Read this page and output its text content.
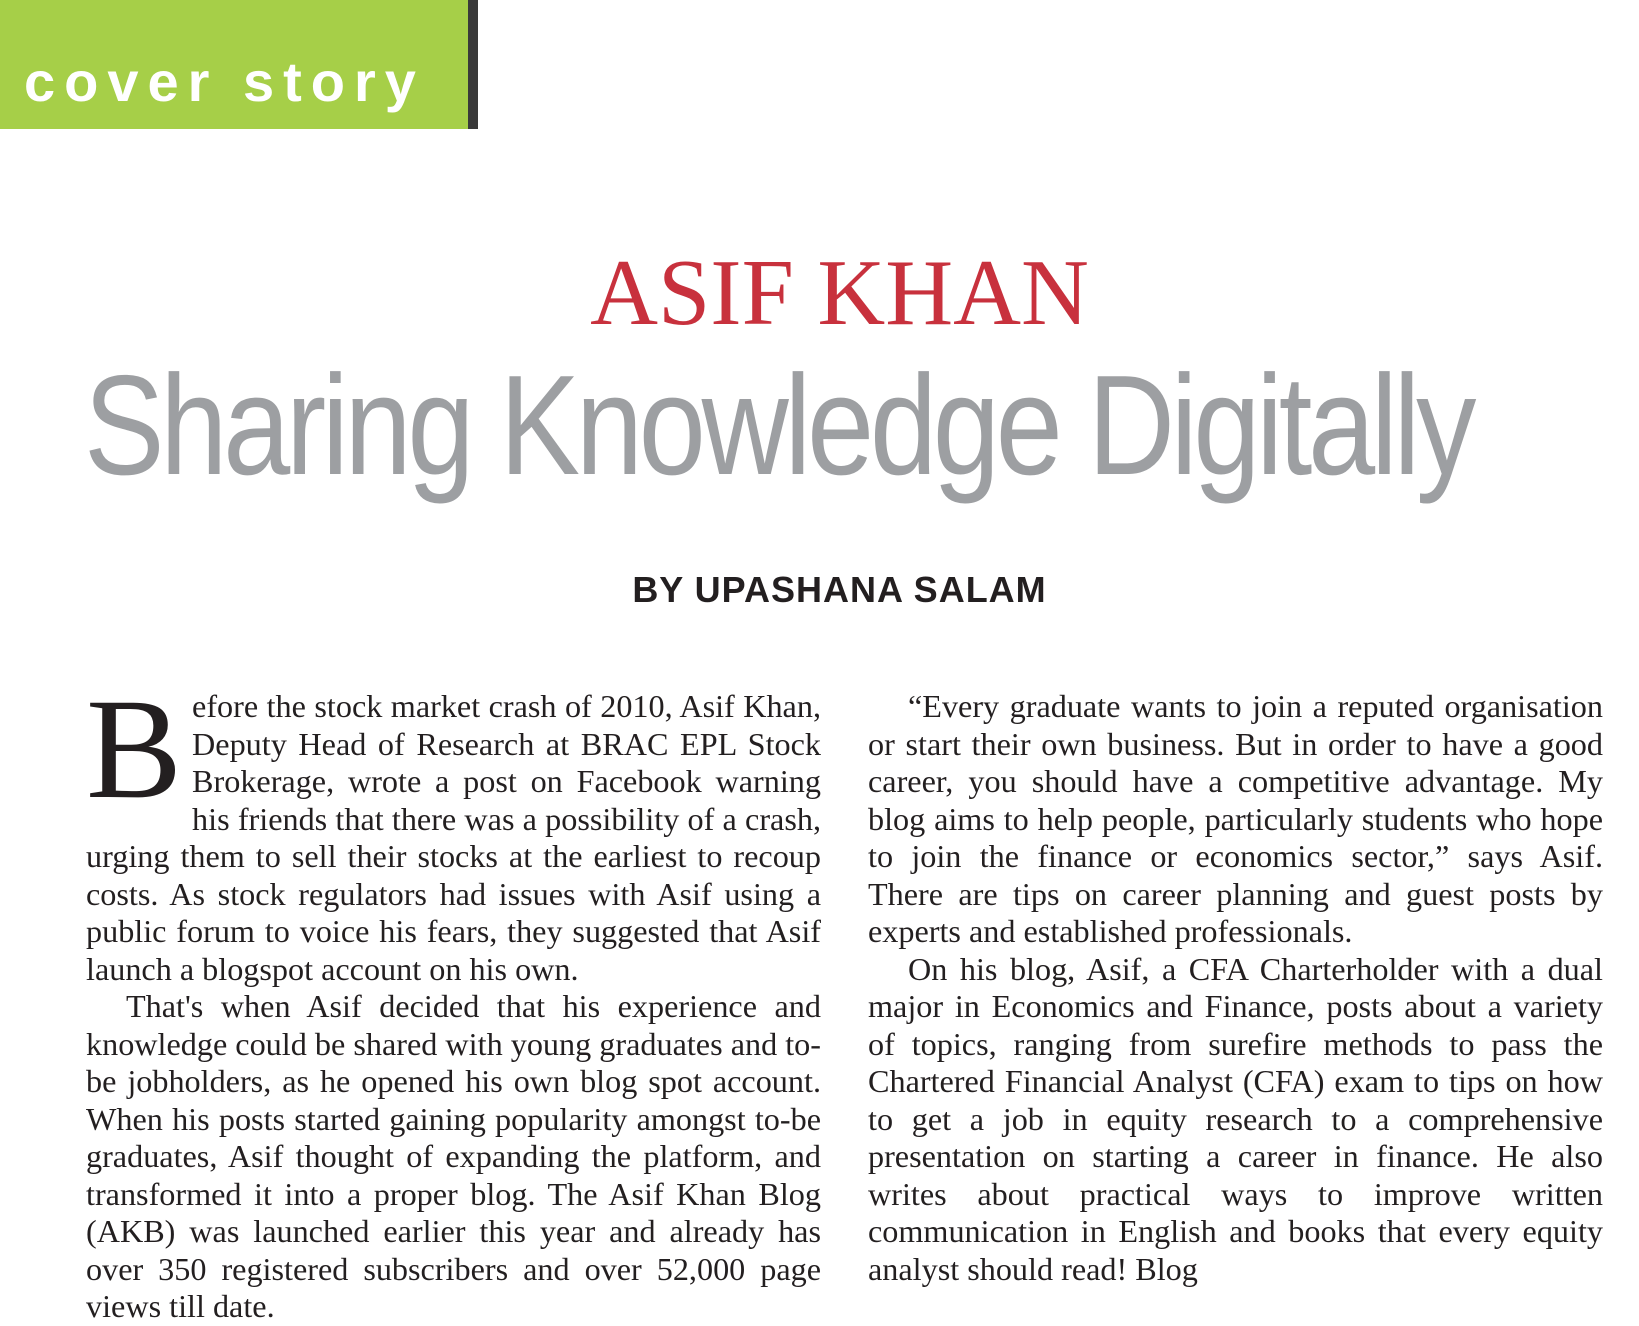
cover story
ASIF KHAN
Sharing Knowledge Digitally
BY UPASHANA SALAM

Before the stock market crash of 2010, Asif Khan, Deputy Head of Research at BRAC EPL Stock Brokerage, wrote a post on Facebook warning his friends that there was a possibility of a crash, urging them to sell their stocks at the earliest to recoup costs. As stock regulators had issues with Asif using a public forum to voice his fears, they suggested that Asif launch a blogspot account on his own.

That's when Asif decided that his experience and knowledge could be shared with young graduates and to-be jobholders, as he opened his own blog spot account. When his posts started gaining popularity amongst to-be graduates, Asif thought of expanding the platform, and transformed it into a proper blog. The Asif Khan Blog (AKB) was launched earlier this year and already has over 350 registered subscribers and over 52,000 page views till date.

“Every graduate wants to join a reputed organisation or start their own business. But in order to have a good career, you should have a competitive advantage. My blog aims to help people, particularly students who hope to join the finance or economics sector,” says Asif. There are tips on career planning and guest posts by experts and established professionals.

On his blog, Asif, a CFA Charterholder with a dual major in Economics and Finance, posts about a variety of topics, ranging from surefire methods to pass the Chartered Financial Analyst (CFA) exam to tips on how to get a job in equity research to a comprehensive presentation on starting a career in finance. He also writes about practical ways to improve written communication in English and books that every equity analyst should read! Blog
